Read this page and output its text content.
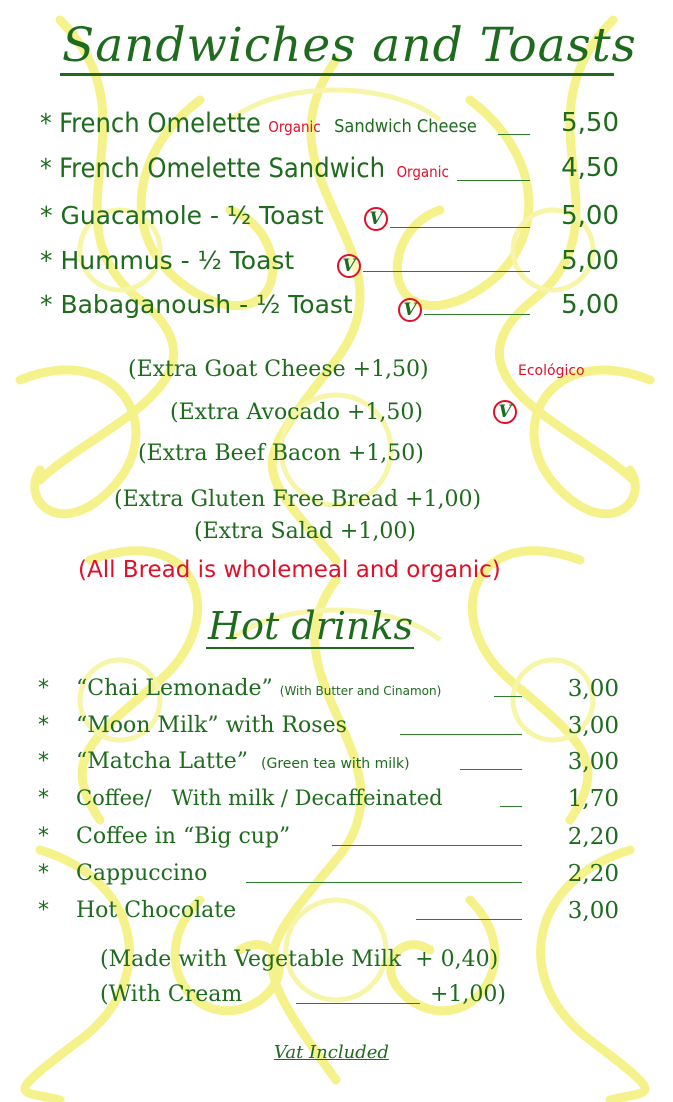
Sandwiches and Toasts
* French Omelette Organic Sandwich Cheese	5,50
* French Omelette Sandwich Organic	4,50
* Guacamole - ½ Toast	V	5,00
* Hummus - ½ Toast	V	5,00
* Babaganoush - ½ Toast	V	5,00
(Extra Goat Cheese +1,50)	Ecológico
(Extra Avocado +1,50)	V
(Extra Beef Bacon +1,50)
(Extra Gluten Free Bread +1,00)
(Extra Salad +1,00)
(All Bread is wholemeal and organic)
Hot drinks
* “Chai Lemonade” (With Butter and Cinamon)	3,00
* “Moon Milk” with Roses	3,00
* “Matcha Latte” (Green tea with milk)	3,00
* Coffee/   With milk / Decaffeinated	1,70
* Coffee in “Big cup”	2,20
* Cappuccino	2,20
* Hot Chocolate	3,00
(Made with Vegetable Milk  + 0,40)
(With Cream	+1,00)
Vat Included
